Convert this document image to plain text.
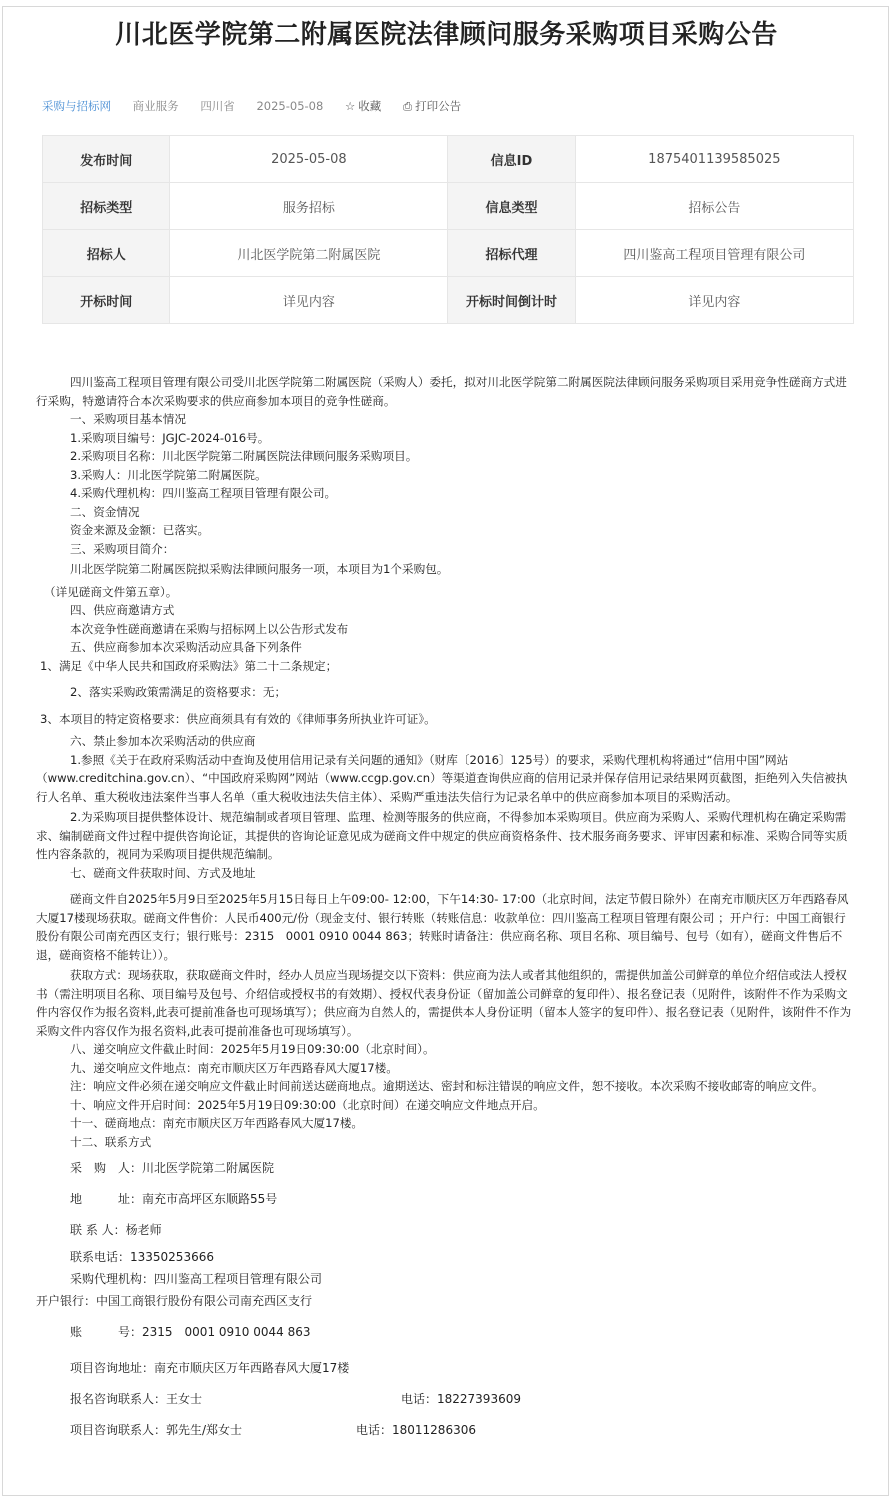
川北医学院第二附属医院法律顾问服务采购项目采购公告
采购与招标网 商业服务 四川省 2025-05-08 ☆ 收藏 ⎙ 打印公告
发布时间	2025-05-08	信息ID	1875401139585025
招标类型	服务招标	信息类型	招标公告
招标人	川北医学院第二附属医院	招标代理	四川鉴高工程项目管理有限公司
开标时间	详见内容	开标时间倒计时	详见内容
四川鉴高工程项目管理有限公司受川北医学院第二附属医院（采购人）委托，拟对川北医学院第二附属医院法律顾问服务采购项目采用竞争性磋商方式进行采购，特邀请符合本次采购要求的供应商参加本项目的竞争性磋商。
一、采购项目基本情况
1.采购项目编号：JGJC-2024-016号。
2.采购项目名称：川北医学院第二附属医院法律顾问服务采购项目。
3.采购人：川北医学院第二附属医院。
4.采购代理机构：四川鉴高工程项目管理有限公司。
二、资金情况
资金来源及金额：已落实。
三、采购项目简介：
川北医学院第二附属医院拟采购法律顾问服务一项，本项目为1个采购包。
（详见磋商文件第五章）。
四、供应商邀请方式
本次竞争性磋商邀请在采购与招标网上以公告形式发布
五、供应商参加本次采购活动应具备下列条件
1、满足《中华人民共和国政府采购法》第二十二条规定；
2、落实采购政策需满足的资格要求：无；
3、本项目的特定资格要求：供应商须具有有效的《律师事务所执业许可证》。
六、禁止参加本次采购活动的供应商
1.参照《关于在政府采购活动中查询及使用信用记录有关问题的通知》（财库〔2016〕125号）的要求，采购代理机构将通过“信用中国”网站（www.creditchina.gov.cn）、“中国政府采购网”网站（www.ccgp.gov.cn）等渠道查询供应商的信用记录并保存信用记录结果网页截图，拒绝列入失信被执行人名单、重大税收违法案件当事人名单（重大税收违法失信主体）、采购严重违法失信行为记录名单中的供应商参加本项目的采购活动。
2.为采购项目提供整体设计、规范编制或者项目管理、监理、检测等服务的供应商，不得参加本采购项目。供应商为采购人、采购代理机构在确定采购需求、编制磋商文件过程中提供咨询论证，其提供的咨询论证意见成为磋商文件中规定的供应商资格条件、技术服务商务要求、评审因素和标准、采购合同等实质性内容条款的，视同为采购项目提供规范编制。
七、磋商文件获取时间、方式及地址
磋商文件自2025年5月9日至2025年5月15日每日上午09:00- 12:00，下午14:30- 17:00（北京时间，法定节假日除外）在南充市顺庆区万年西路春风大厦17楼现场获取。磋商文件售价：人民币400元/份（现金支付、银行转账（转账信息：收款单位：四川鉴高工程项目管理有限公司 ；开户行：中国工商银行股份有限公司南充西区支行；银行账号：2315　0001 0910 0044 863；转账时请备注：供应商名称、项目名称、项目编号、包号（如有），磋商文件售后不退，磋商资格不能转让））。
获取方式：现场获取，获取磋商文件时，经办人员应当现场提交以下资料：供应商为法人或者其他组织的，需提供加盖公司鲜章的单位介绍信或法人授权书（需注明项目名称、项目编号及包号、介绍信或授权书的有效期）、授权代表身份证（留加盖公司鲜章的复印件）、报名登记表（见附件，该附件不作为采购文件内容仅作为报名资料,此表可提前准备也可现场填写）；供应商为自然人的，需提供本人身份证明（留本人签字的复印件）、报名登记表（见附件，该附件不作为采购文件内容仅作为报名资料,此表可提前准备也可现场填写）。
八、递交响应文件截止时间：2025年5月19日09:30:00（北京时间）。
九、递交响应文件地点：南充市顺庆区万年西路春风大厦17楼。
注：响应文件必须在递交响应文件截止时间前送达磋商地点。逾期送达、密封和标注错误的响应文件，恕不接收。本次采购不接收邮寄的响应文件。
十、响应文件开启时间：2025年5月19日09:30:00（北京时间）在递交响应文件地点开启。
十一、磋商地点：南充市顺庆区万年西路春风大厦17楼。
十二、联系方式
采　购　人：川北医学院第二附属医院
地　　　址：南充市高坪区东顺路55号
联 系 人：杨老师
联系电话：13350253666
采购代理机构：四川鉴高工程项目管理有限公司
开户银行：中国工商银行股份有限公司南充西区支行
账　　　号：2315　0001 0910 0044 863
项目咨询地址：南充市顺庆区万年西路春风大厦17楼
报名咨询联系人：王女士	电话：18227393609
项目咨询联系人：郭先生/郑女士	电话：18011286306
